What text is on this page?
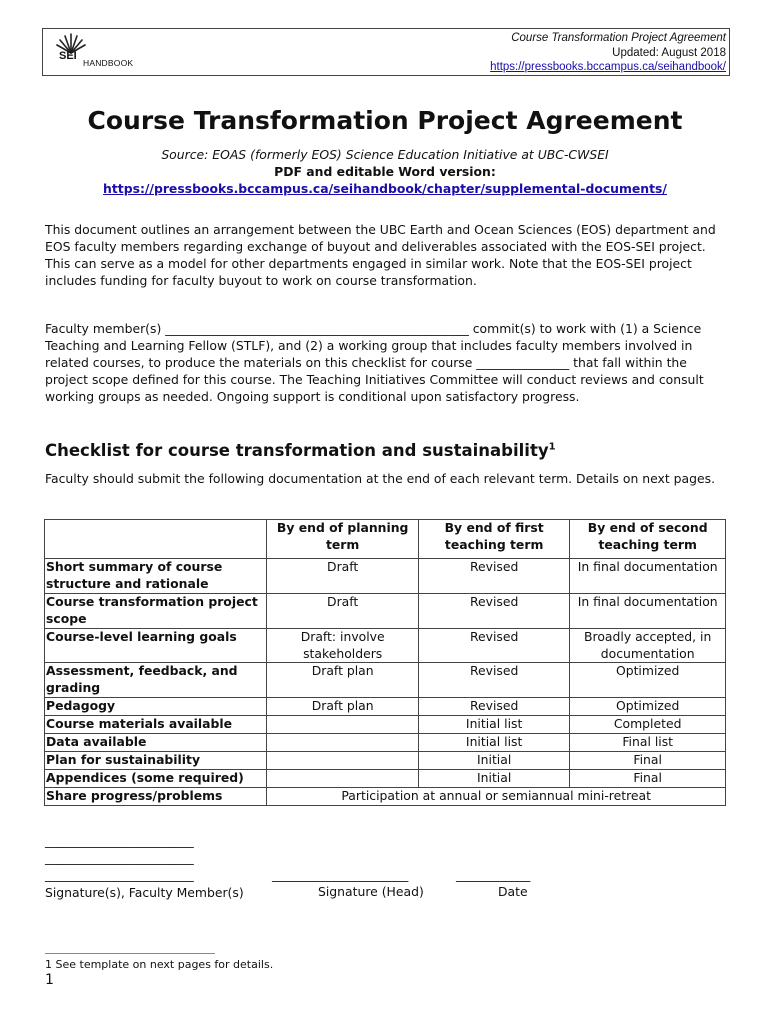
SEI
HANDBOOK
Course Transformation Project Agreement
Updated: August 2018
https://pressbooks.bccampus.ca/seihandbook/
Course Transformation Project Agreement
Source: EOAS (formerly EOS) Science Education Initiative at UBC-CWSEI
PDF and editable Word version:
https://pressbooks.bccampus.ca/seihandbook/chapter/supplemental-documents/

This document outlines an arrangement between the UBC Earth and Ocean Sciences (EOS) department and EOS faculty members regarding exchange of buyout and deliverables associated with the EOS-SEI project. This can serve as a model for other departments engaged in similar work. Note that the EOS-SEI project includes funding for faculty buyout to work on course transformation.

Faculty member(s) _________________________________________________ commit(s) to work with (1) a Science Teaching and Learning Fellow (STLF), and (2) a working group that includes faculty members involved in related courses, to produce the materials on this checklist for course _______________ that fall within the project scope defined for this course. The Teaching Initiatives Committee will conduct reviews and consult working groups as needed. Ongoing support is conditional upon satisfactory progress.

Checklist for course transformation and sustainability$^1$

Faculty should submit the following documentation at the end of each relevant term. Details on next pages.

	By end of planning term	By end of first teaching term	By end of second teaching term
Short summary of course structure and rationale	Draft	Revised	In final documentation
Course transformation project scope	Draft	Revised	In final documentation
Course-level learning goals	Draft: involve stakeholders	Revised	Broadly accepted, in documentation
Assessment, feedback, and grading	Draft plan	Revised	Optimized
Pedagogy	Draft plan	Revised	Optimized
Course materials available		Initial list	Completed
Data available		Initial list	Final list
Plan for sustainability		Initial	Final
Appendices (some required)		Initial	Final
Share progress/problems	Participation at annual or semiannual mini-retreat		
________________________
________________________
________________________
Signature(s), Faculty Member(s)
______________________
Signature (Head)
____________
Date
1 See template on next pages for details.
1
